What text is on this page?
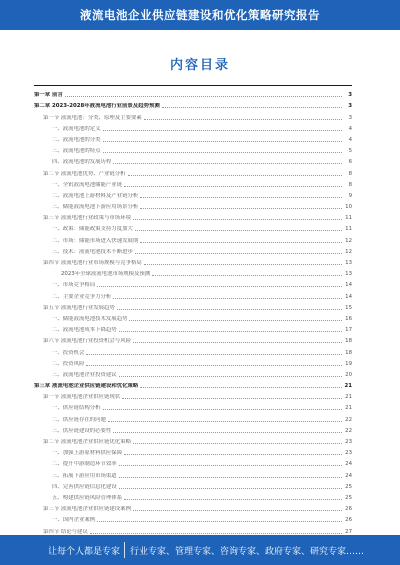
液流电池企业供应链建设和优化策略研究报告
内容目录
第一章 前言	3
第二章 2023-2028年液流电池行业前景及趋势预测	3
第一节 液流电池：分类、原理及主要要素	3
一、液流电池的定义	4
二、液流电池的分类	4
三、液流电池的特点	5
四、液流电池的发展历程	6
第二节 液流电池优势、产业链分析	8
一、全钒液流电池储能产业链	8
二、液流电池上游材料及产业链分析	9
三、储能液流电池下游应用场景分析	10
第三节 液流电池行业政策与市场环境	11
一、政策：储能政策支持力度加大	11
二、市场：储能市场进入快速发展期	12
三、技术：液流电池技术不断进步	12
第四节 液流电池行业市场规模与竞争格局	13
2023年全球液流电池市场规模及预测	13
一、市场竞争格局	14
二、主要企业竞争力分析	14
第五节 液流电池行业发展趋势	15
一、储能液流电池技术发展趋势	16
二、液流电池成本下降趋势	17
第六节 液流电池行业投资机会与风险	18
一、投资机会	18
二、投资风险	19
三、液流电池企业投资建议	20
第三章 液流电池企业供应链建设和优化策略	21
第一节 液流电池企业供应链现状	21
一、供应链结构分析	21
二、供应链存在的问题	22
三、供应链建设的必要性	22
第二节 液流电池企业供应链优化策略	23
一、加强上游原材料供应保障	23
二、提升中游制造环节效率	24
三、拓展下游应用市场渠道	24
四、完善供应链信息化建设	25
五、构建供应链风险管理体系	25
第三节 液流电池企业供应链建设案例	26
一、国内企业案例	26
第四节 结论与建议	27
让每个人都是专家 行业专家、管理专家、咨询专家、政府专家、研究专家……
